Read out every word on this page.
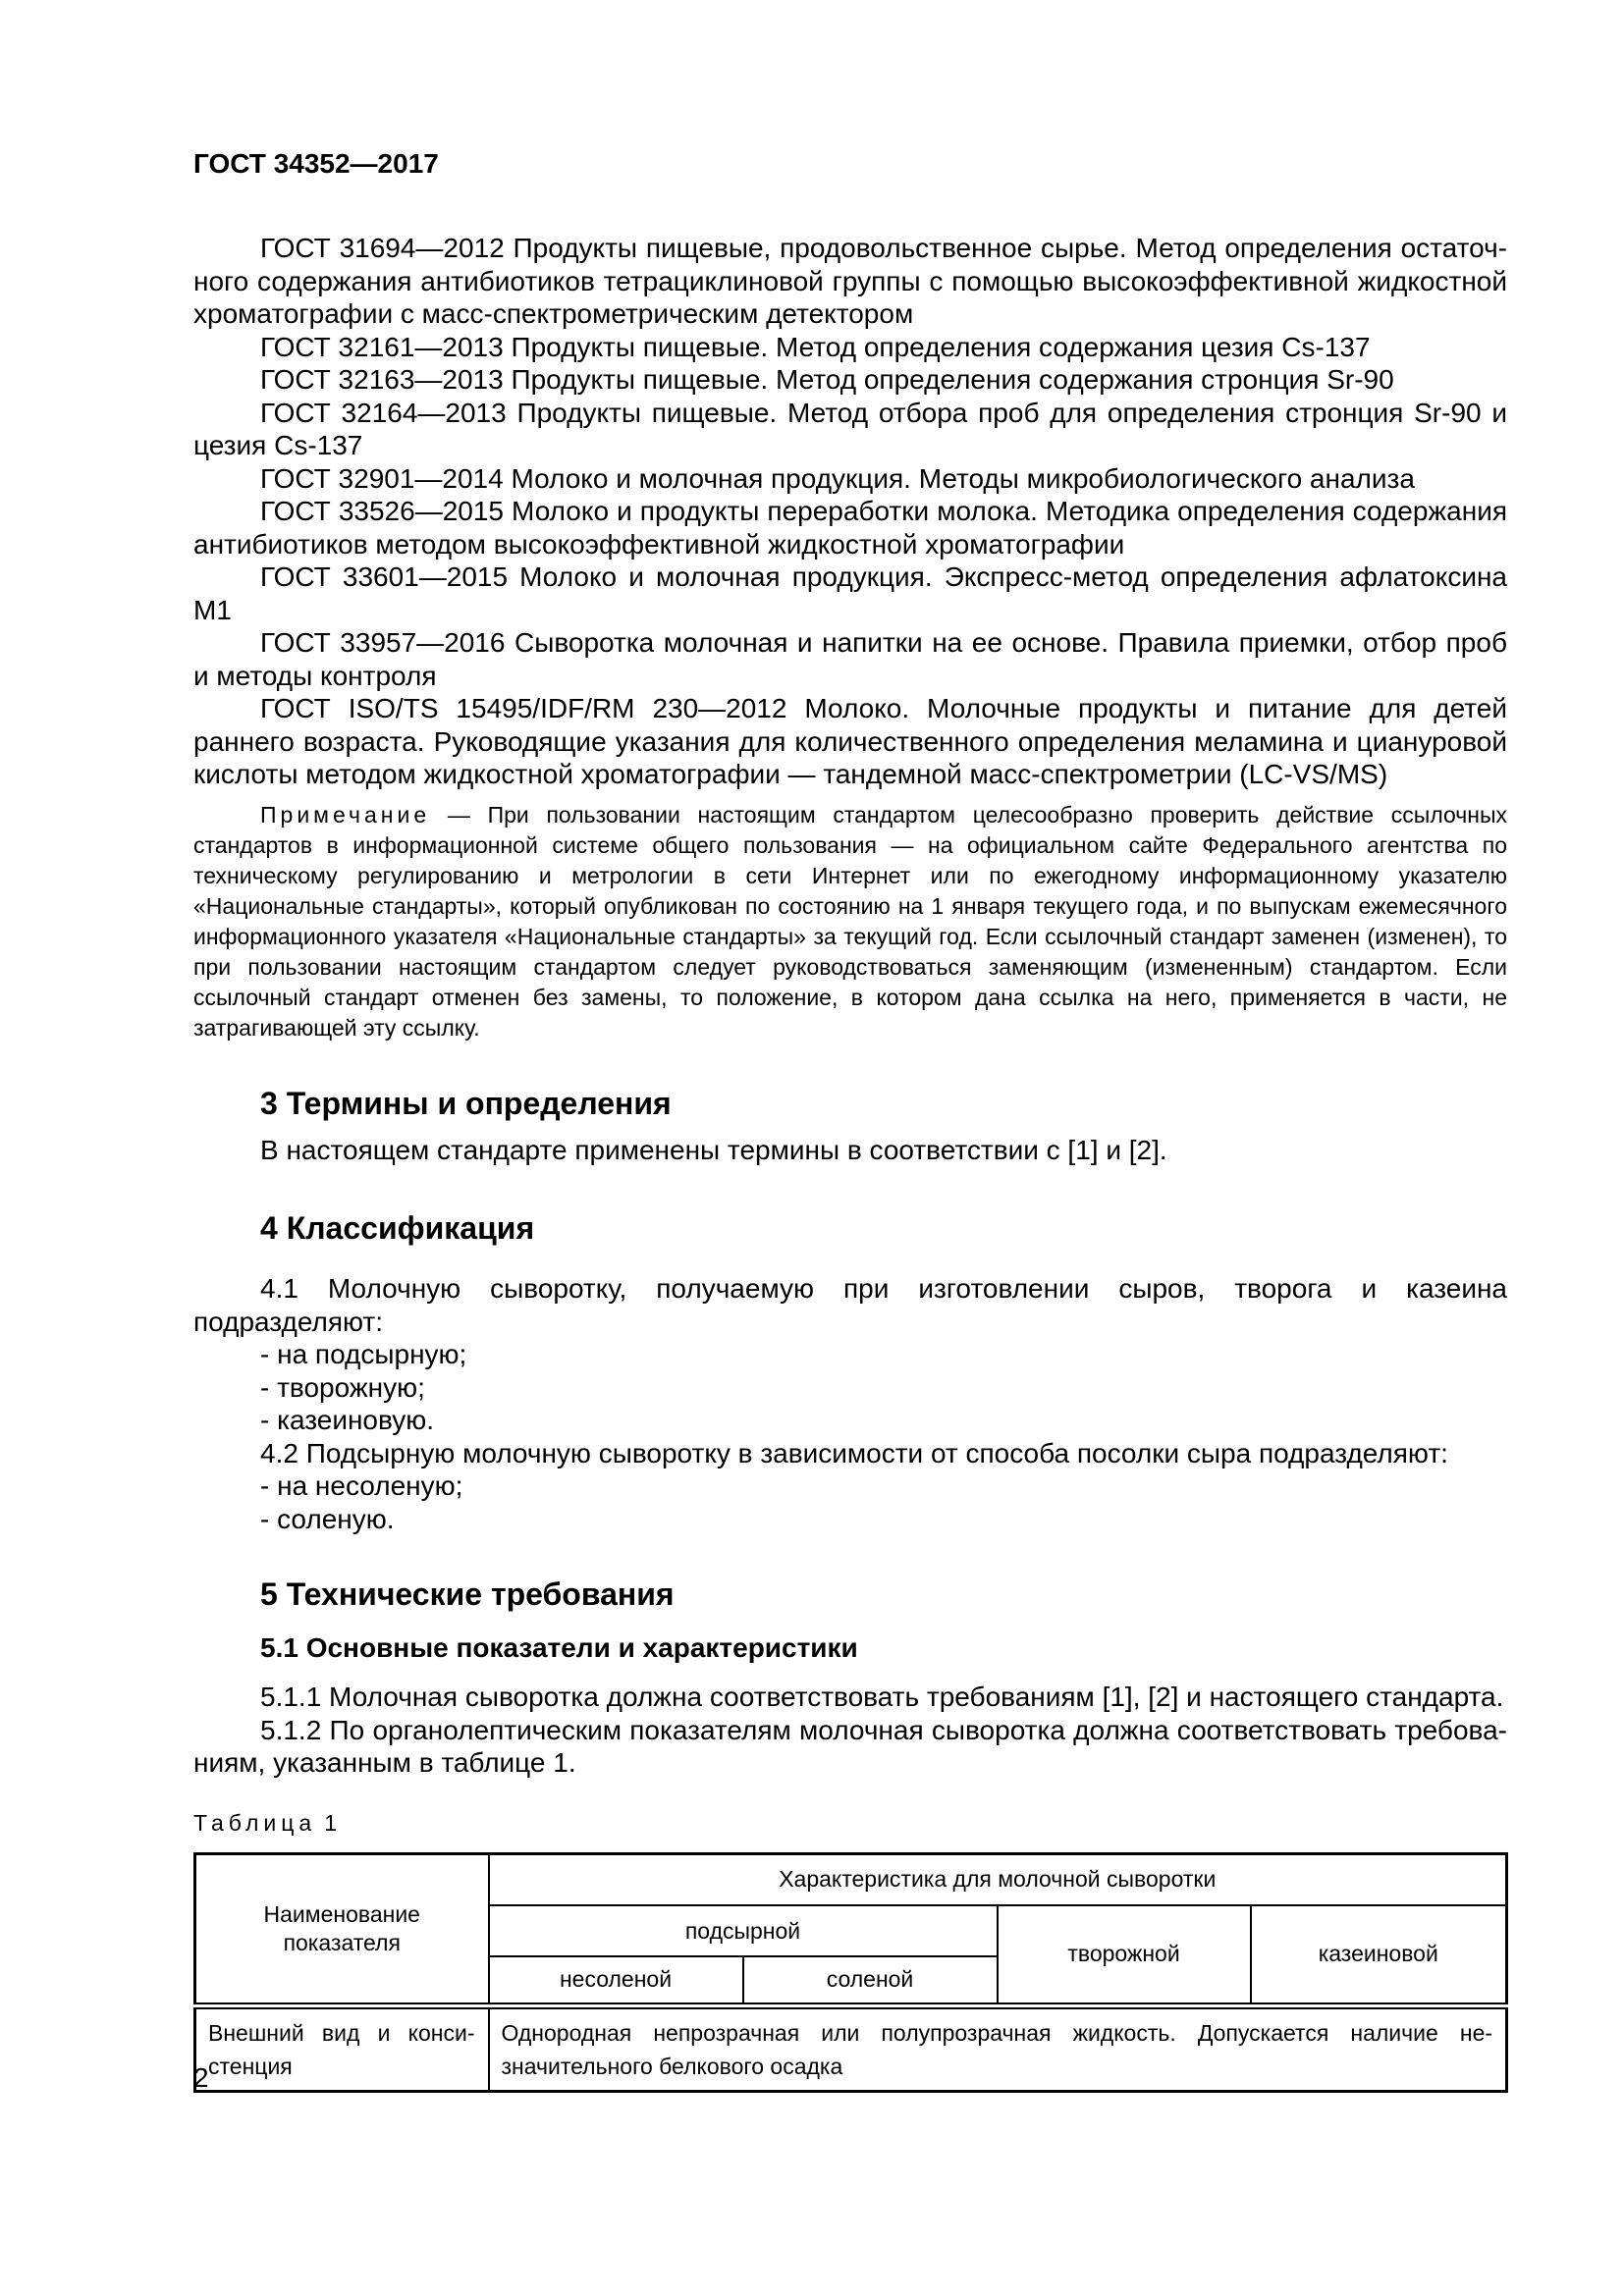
ГОСТ 34352—2017

ГОСТ 31694—2012 Продукты пищевые, продовольственное сырье. Метод определения остаточного содержания антибиотиков тетрациклиновой группы с помощью высокоэффективной жидкостной хроматографии с масс-спектрометрическим детектором

ГОСТ 32161—2013 Продукты пищевые. Метод определения содержания цезия Cs-137

ГОСТ 32163—2013 Продукты пищевые. Метод определения содержания стронция Sr-90

ГОСТ 32164—2013 Продукты пищевые. Метод отбора проб для определения стронция Sr-90 и цезия Cs-137

ГОСТ 32901—2014 Молоко и молочная продукция. Методы микробиологического анализа

ГОСТ 33526—2015 Молоко и продукты переработки молока. Методика определения содержания антибиотиков методом высокоэффективной жидкостной хроматографии

ГОСТ 33601—2015 Молоко и молочная продукция. Экспресс-метод определения афлатоксина М1

ГОСТ 33957—2016 Сыворотка молочная и напитки на ее основе. Правила приемки, отбор проб и методы контроля

ГОСТ ISO/TS 15495/IDF/RM 230—2012 Молоко. Молочные продукты и питание для детей раннего возраста. Руководящие указания для количественного определения меламина и циануровой кислоты методом жидкостной хроматографии — тандемной масс-спектрометрии (LC-VS/MS)

Примечание — При пользовании настоящим стандартом целесообразно проверить действие ссылочных стандартов в информационной системе общего пользования — на официальном сайте Федерального агентства по техническому регулированию и метрологии в сети Интернет или по ежегодному информационному указателю «Национальные стандарты», который опубликован по состоянию на 1 января текущего года, и по выпускам ежемесячного информационного указателя «Национальные стандарты» за текущий год. Если ссылочный стандарт заменен (изменен), то при пользовании настоящим стандартом следует руководствоваться заменяющим (измененным) стандартом. Если ссылочный стандарт отменен без замены, то положение, в котором дана ссылка на него, применяется в части, не затрагивающей эту ссылку.

3 Термины и определения

В настоящем стандарте применены термины в соответствии с [1] и [2].

4 Классификация

4.1 Молочную сыворотку, получаемую при изготовлении сыров, творога и казеина подразделяют:

- на подсырную;

- творожную;

- казеиновую.

4.2 Подсырную молочную сыворотку в зависимости от способа посолки сыра подразделяют:

- на несоленую;

- соленую.

5 Технические требования
5.1 Основные показатели и характеристики

5.1.1 Молочная сыворотка должна соответствовать требованиям [1], [2] и настоящего стандарта.

5.1.2 По органолептическим показателям молочная сыворотка должна соответствовать требованиям, указанным в таблице 1.

Таблица 1
Наименование показателя	Характеристика для молочной сыворотки			
	подсырной		творожной	казеиновой
	несоленой	соленой		
Внешний вид и консистенция	Однородная непрозрачная или полупрозрачная жидкость. Допускается наличие незначительного белкового осадка			
2
